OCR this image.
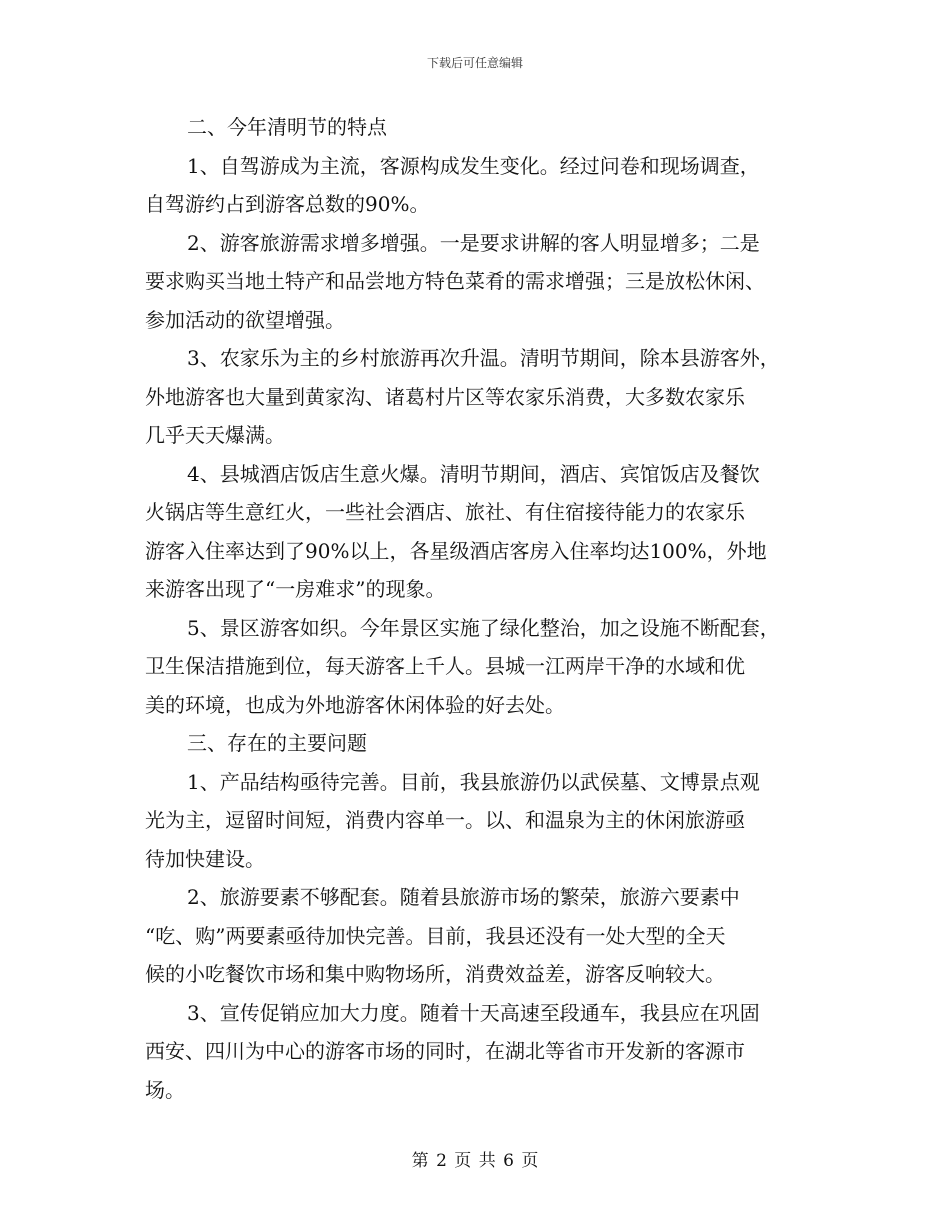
下载后可任意编辑
二、今年清明节的特点
1、自驾游成为主流，客源构成发生变化。经过问卷和现场调查，
自驾游约占到游客总数的90%。
2、游客旅游需求增多增强。一是要求讲解的客人明显增多；二是
要求购买当地土特产和品尝地方特色菜肴的需求增强；三是放松休闲、
参加活动的欲望增强。
3、农家乐为主的乡村旅游再次升温。清明节期间，除本县游客外，
外地游客也大量到黄家沟、诸葛村片区等农家乐消费，大多数农家乐
几乎天天爆满。
4、县城酒店饭店生意火爆。清明节期间，酒店、宾馆饭店及餐饮
火锅店等生意红火，一些社会酒店、旅社、有住宿接待能力的农家乐
游客入住率达到了90%以上，各星级酒店客房入住率均达100%，外地
来游客出现了“一房难求”的现象。
5、景区游客如织。今年景区实施了绿化整治，加之设施不断配套，
卫生保洁措施到位，每天游客上千人。县城一江两岸干净的水域和优
美的环境，也成为外地游客休闲体验的好去处。
三、存在的主要问题
1、产品结构亟待完善。目前，我县旅游仍以武侯墓、文博景点观
光为主，逗留时间短，消费内容单一。以、和温泉为主的休闲旅游亟
待加快建设。
2、旅游要素不够配套。随着县旅游市场的繁荣，旅游六要素中
“吃、购”两要素亟待加快完善。目前，我县还没有一处大型的全天
候的小吃餐饮市场和集中购物场所，消费效益差，游客反响较大。
3、宣传促销应加大力度。随着十天高速至段通车，我县应在巩固
西安、四川为中心的游客市场的同时，在湖北等省市开发新的客源市
场。
第 2 页 共 6 页
